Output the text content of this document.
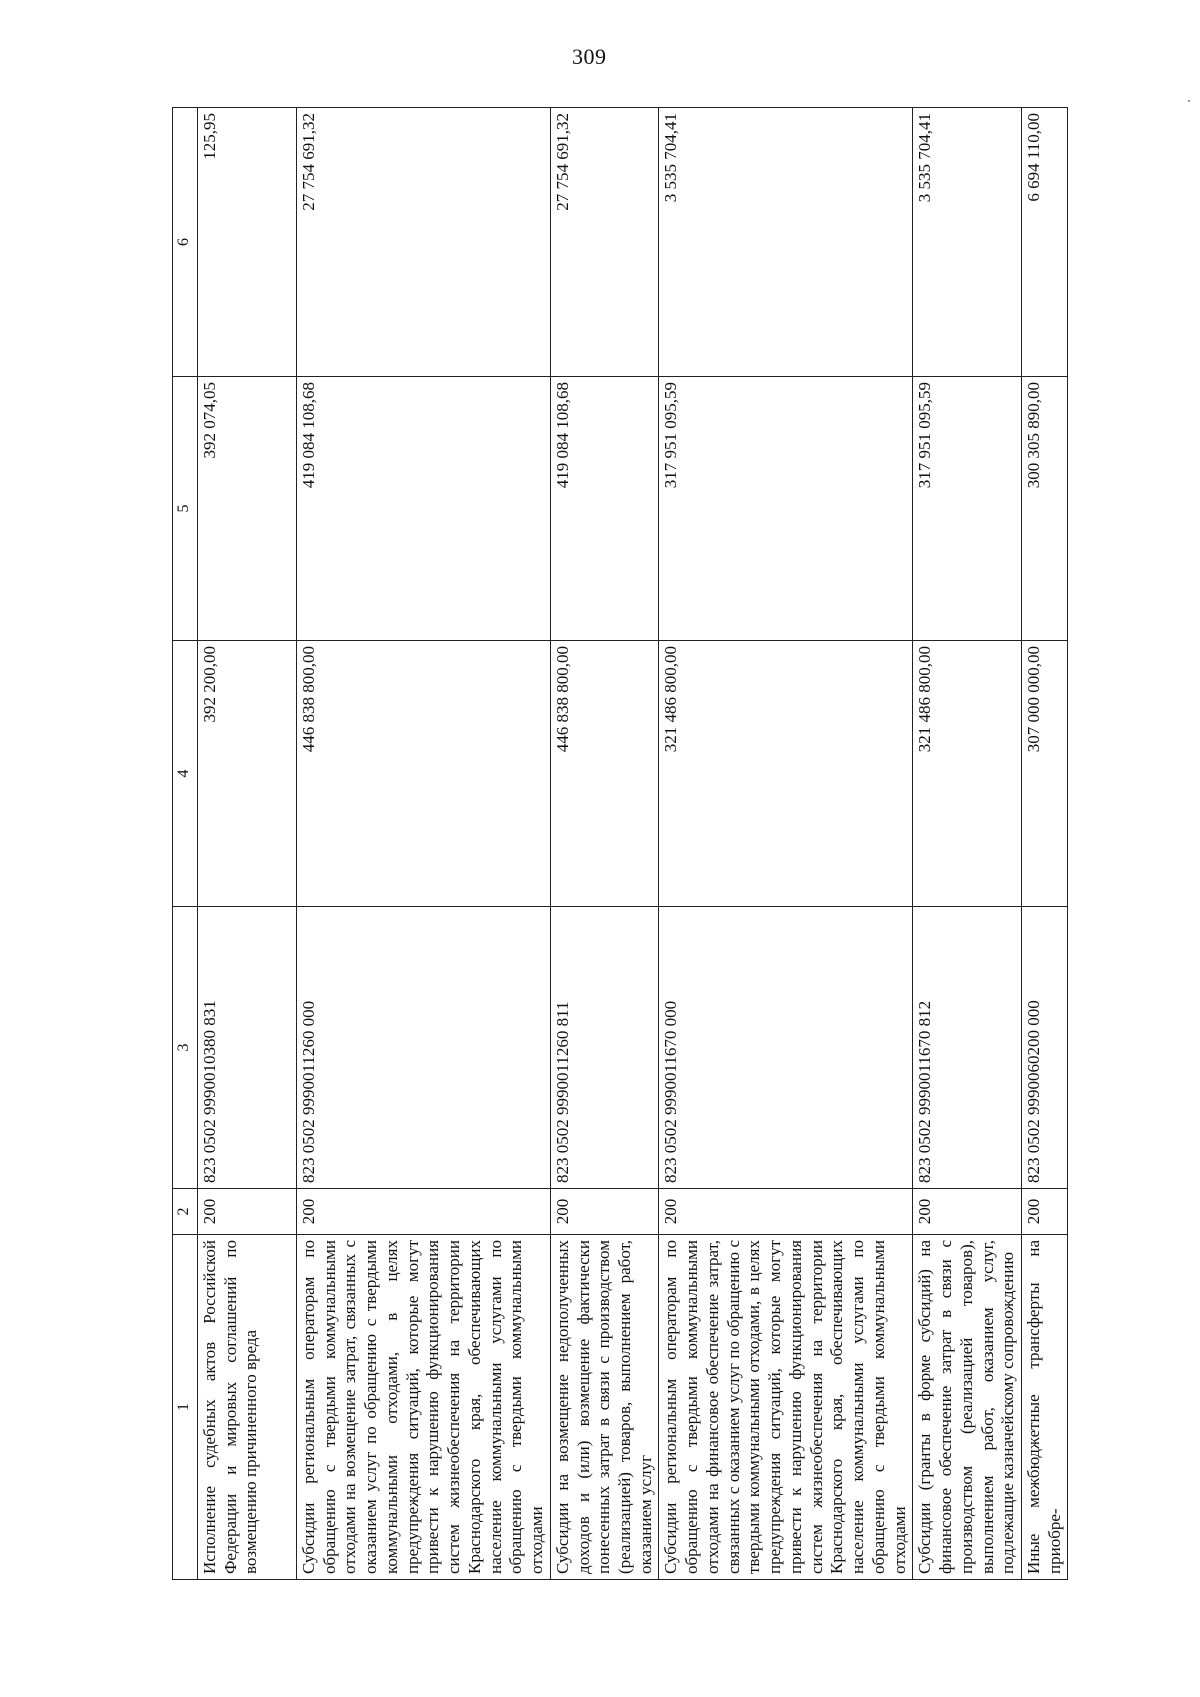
309
1	2	3	4	5	6
Исполнение судебных актов Российской Федерации и мировых соглашений по возмещению причиненного вреда	200	823 0502 9990010380 831	392 200,00	392 074,05	125,95
Субсидии региональным операторам по обращению с твердыми коммунальными отходами на возмещение затрат, связанных с оказанием услуг по обращению с твердыми коммунальными отходами, в целях предупреждения ситуаций, которые могут привести к нарушению функционирования систем жизнеобеспечения на территории Краснодарского края, обеспечивающих население коммунальными услугами по обращению с твердыми коммунальными отходами	200	823 0502 9990011260 000	446 838 800,00	419 084 108,68	27 754 691,32
Субсидии на возмещение недополученных доходов и (или) возмещение фактически понесенных затрат в связи с производством (реализацией) товаров, выполнением работ, оказанием услуг	200	823 0502 9990011260 811	446 838 800,00	419 084 108,68	27 754 691,32
Субсидии региональным операторам по обращению с твердыми коммунальными отходами на финансовое обеспечение затрат, связанных с оказанием услуг по обращению с твердыми коммунальными отходами, в целях предупреждения ситуаций, которые могут привести к нарушению функционирования систем жизнеобеспечения на территории Краснодарского края, обеспечивающих население коммунальными услугами по обращению с твердыми коммунальными отходами	200	823 0502 9990011670 000	321 486 800,00	317 951 095,59	3 535 704,41
Субсидии (гранты в форме субсидий) на финансовое обеспечение затрат в связи с производством (реализацией товаров), выполнением работ, оказанием услуг, подлежащие казначейскому сопровождению	200	823 0502 9990011670 812	321 486 800,00	317 951 095,59	3 535 704,41
Иные межбюджетные трансферты на приобре-	200	823 0502 9990060200 000	307 000 000,00	300 305 890,00	6 694 110,00
